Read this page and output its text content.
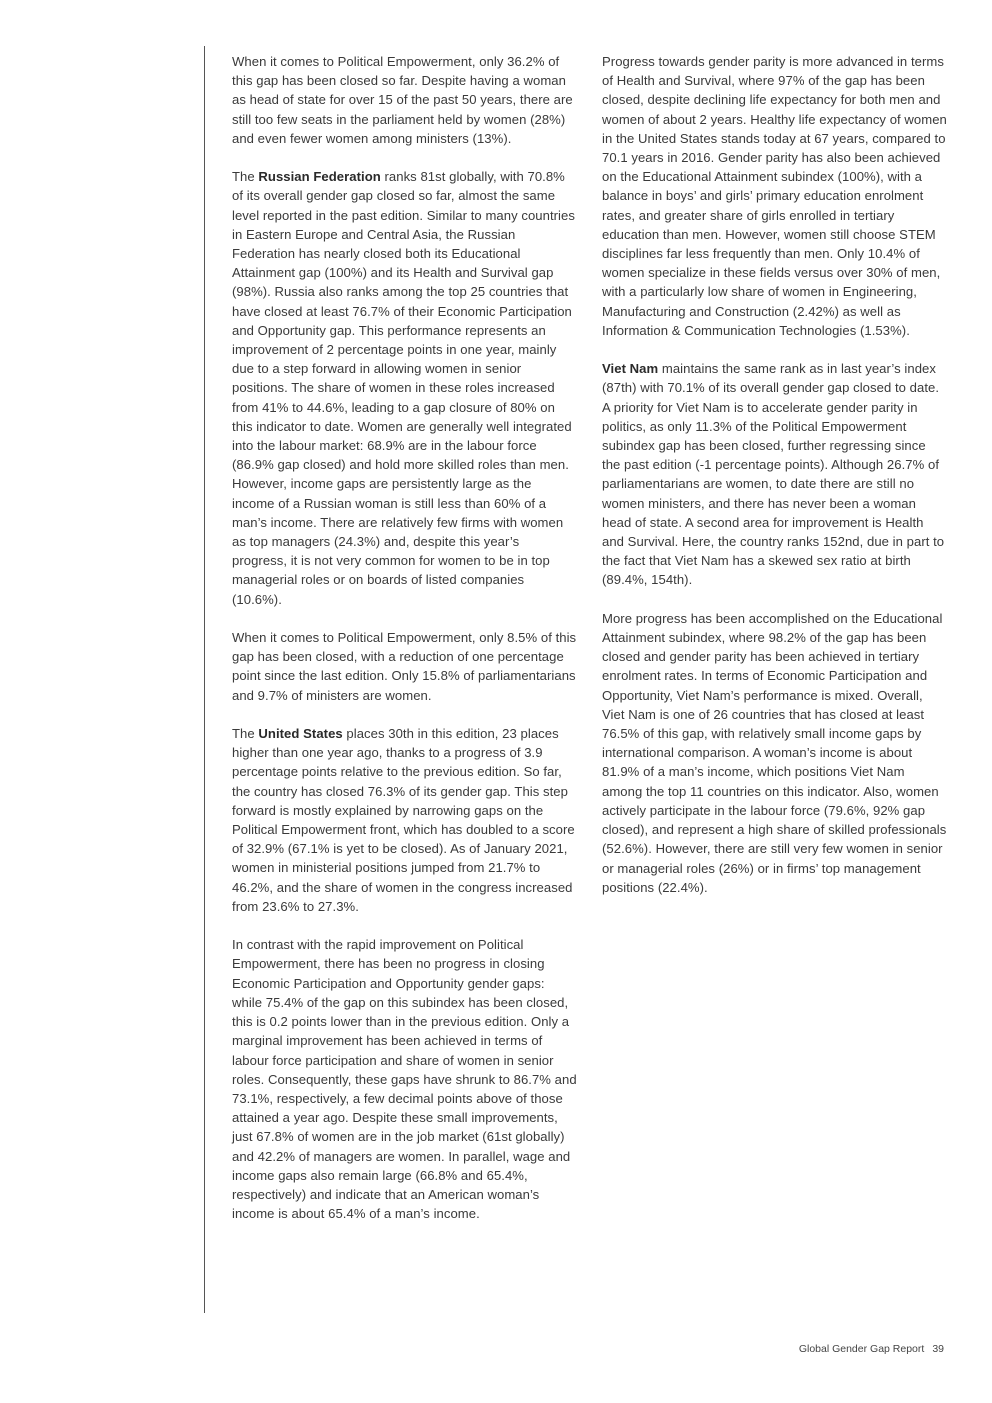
When it comes to Political Empowerment, only 36.2% of this gap has been closed so far. Despite having a woman as head of state for over 15 of the past 50 years, there are still too few seats in the parliament held by women (28%) and even fewer women among ministers (13%).

The Russian Federation ranks 81st globally, with 70.8% of its overall gender gap closed so far, almost the same level reported in the past edition. Similar to many countries in Eastern Europe and Central Asia, the Russian Federation has nearly closed both its Educational Attainment gap (100%) and its Health and Survival gap (98%). Russia also ranks among the top 25 countries that have closed at least 76.7% of their Economic Participation and Opportunity gap. This performance represents an improvement of 2 percentage points in one year, mainly due to a step forward in allowing women in senior positions. The share of women in these roles increased from 41% to 44.6%, leading to a gap closure of 80% on this indicator to date. Women are generally well integrated into the labour market: 68.9% are in the labour force (86.9% gap closed) and hold more skilled roles than men. However, income gaps are persistently large as the income of a Russian woman is still less than 60% of a man’s income. There are relatively few firms with women as top managers (24.3%) and, despite this year’s progress, it is not very common for women to be in top managerial roles or on boards of listed companies (10.6%).

When it comes to Political Empowerment, only 8.5% of this gap has been closed, with a reduction of one percentage point since the last edition. Only 15.8% of parliamentarians and 9.7% of ministers are women.

The United States places 30th in this edition, 23 places higher than one year ago, thanks to a progress of 3.9 percentage points relative to the previous edition. So far, the country has closed 76.3% of its gender gap. This step forward is mostly explained by narrowing gaps on the Political Empowerment front, which has doubled to a score of 32.9% (67.1% is yet to be closed). As of January 2021, women in ministerial positions jumped from 21.7% to 46.2%, and the share of women in the congress increased from 23.6% to 27.3%.

In contrast with the rapid improvement on Political Empowerment, there has been no progress in closing Economic Participation and Opportunity gender gaps: while 75.4% of the gap on this subindex has been closed, this is 0.2 points lower than in the previous edition. Only a marginal improvement has been achieved in terms of labour force participation and share of women in senior roles. Consequently, these gaps have shrunk to 86.7% and 73.1%, respectively, a few decimal points above of those attained a year ago. Despite these small improvements, just 67.8% of women are in the job market (61st globally) and 42.2% of managers are women. In parallel, wage and income gaps also remain large (66.8% and 65.4%, respectively) and indicate that an American woman’s income is about 65.4% of a man’s income.

Progress towards gender parity is more advanced in terms of Health and Survival, where 97% of the gap has been closed, despite declining life expectancy for both men and women of about 2 years. Healthy life expectancy of women in the United States stands today at 67 years, compared to 70.1 years in 2016. Gender parity has also been achieved on the Educational Attainment subindex (100%), with a balance in boys’ and girls’ primary education enrolment rates, and greater share of girls enrolled in tertiary education than men. However, women still choose STEM disciplines far less frequently than men. Only 10.4% of women specialize in these fields versus over 30% of men, with a particularly low share of women in Engineering, Manufacturing and Construction (2.42%) as well as Information & Communication Technologies (1.53%).

Viet Nam maintains the same rank as in last year’s index (87th) with 70.1% of its overall gender gap closed to date. A priority for Viet Nam is to accelerate gender parity in politics, as only 11.3% of the Political Empowerment subindex gap has been closed, further regressing since the past edition (-1 percentage points). Although 26.7% of parliamentarians are women, to date there are still no women ministers, and there has never been a woman head of state. A second area for improvement is Health and Survival. Here, the country ranks 152nd, due in part to the fact that Viet Nam has a skewed sex ratio at birth (89.4%, 154th).

More progress has been accomplished on the Educational Attainment subindex, where 98.2% of the gap has been closed and gender parity has been achieved in tertiary enrolment rates. In terms of Economic Participation and Opportunity, Viet Nam’s performance is mixed. Overall, Viet Nam is one of 26 countries that has closed at least 76.5% of this gap, with relatively small income gaps by international comparison. A woman’s income is about 81.9% of a man’s income, which positions Viet Nam among the top 11 countries on this indicator. Also, women actively participate in the labour force (79.6%, 92% gap closed), and represent a high share of skilled professionals (52.6%). However, there are still very few women in senior or managerial roles (26%) or in firms’ top management positions (22.4%).

Global Gender Gap Report 39
